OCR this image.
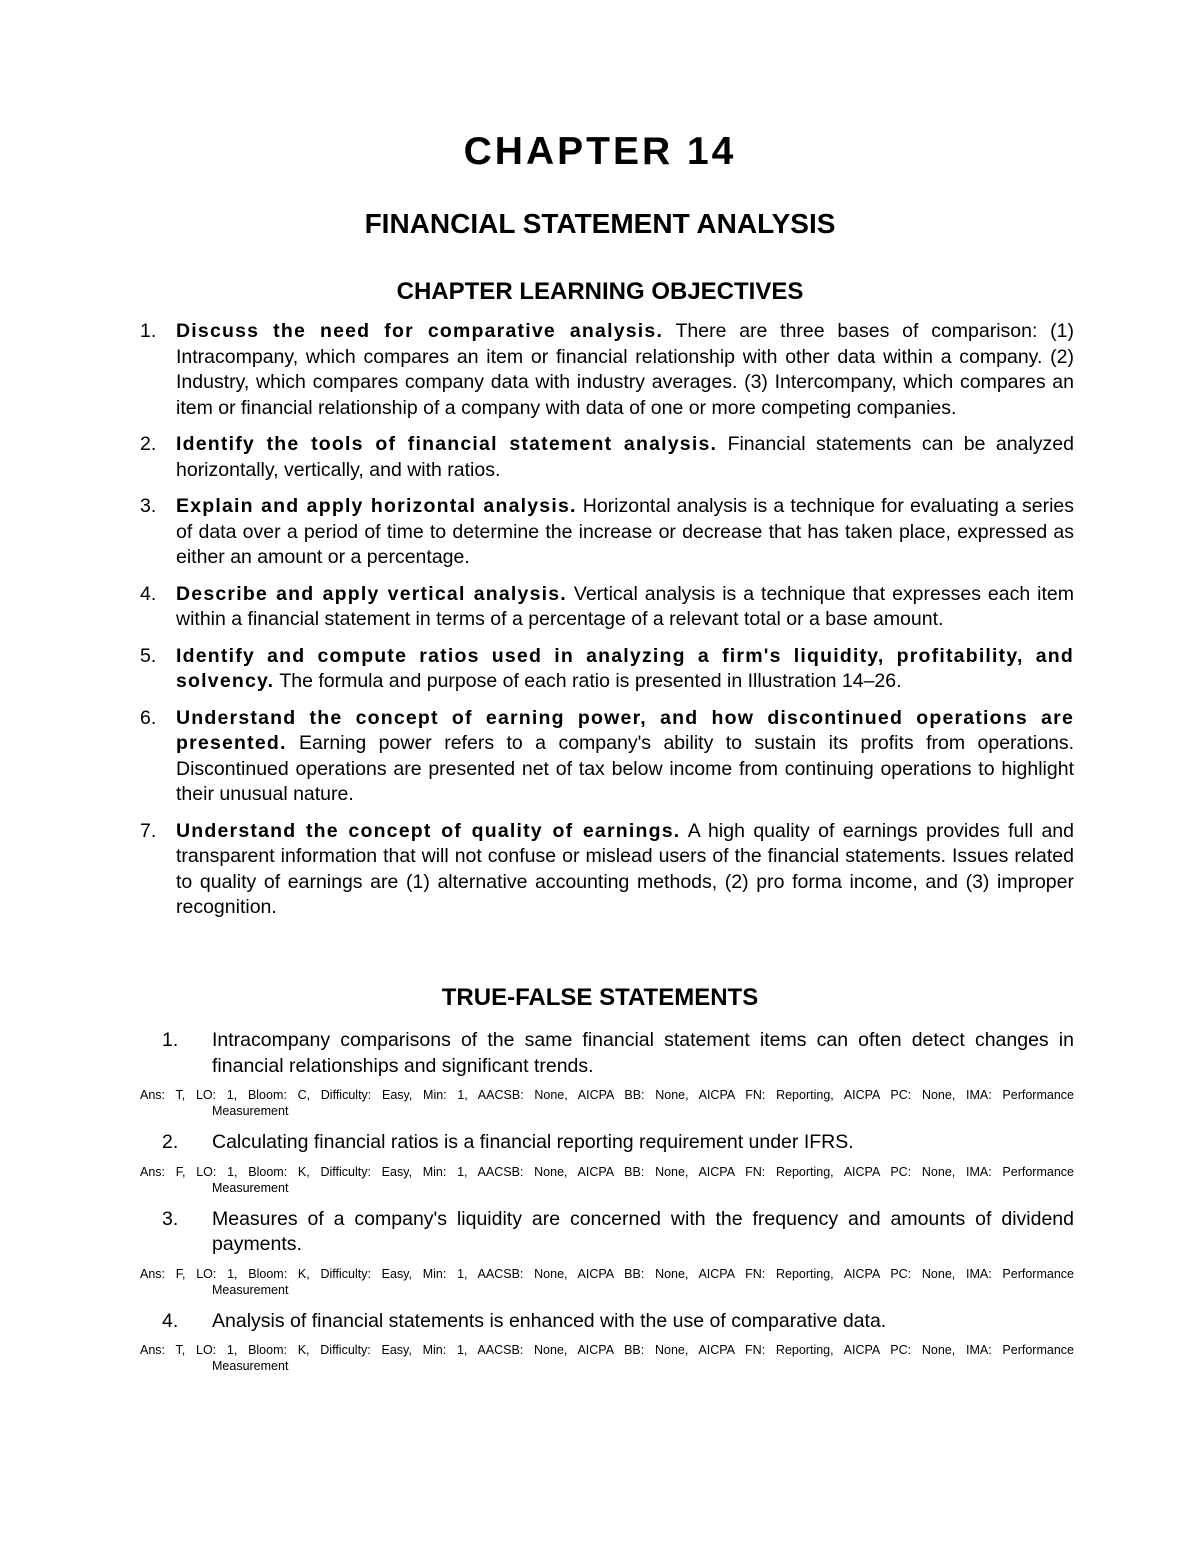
CHAPTER 14
FINANCIAL STATEMENT ANALYSIS
CHAPTER LEARNING OBJECTIVES
1.	Discuss the need for comparative analysis. There are three bases of comparison: (1) Intracompany, which compares an item or financial relationship with other data within a company. (2) Industry, which compares company data with industry averages. (3) Intercompany, which compares an item or financial relationship of a company with data of one or more competing companies.
2.	Identify the tools of financial statement analysis. Financial statements can be analyzed horizontally, vertically, and with ratios.
3.	Explain and apply horizontal analysis. Horizontal analysis is a technique for evaluating a series of data over a period of time to determine the increase or decrease that has taken place, expressed as either an amount or a percentage.
4.	Describe and apply vertical analysis. Vertical analysis is a technique that expresses each item within a financial statement in terms of a percentage of a relevant total or a base amount.
5.	Identify and compute ratios used in analyzing a firm's liquidity, profitability, and solvency. The formula and purpose of each ratio is presented in Illustration 14–26.
6.	Understand the concept of earning power, and how discontinued operations are presented. Earning power refers to a company's ability to sustain its profits from operations. Discontinued operations are presented net of tax below income from continuing operations to highlight their unusual nature.
7.	Understand the concept of quality of earnings. A high quality of earnings provides full and transparent information that will not confuse or mislead users of the financial statements. Issues related to quality of earnings are (1) alternative accounting methods, (2) pro forma income, and (3) improper recognition.
TRUE-FALSE STATEMENTS
1. Intracompany comparisons of the same financial statement items can often detect changes in financial relationships and significant trends.
Ans: T, LO: 1, Bloom: C, Difficulty: Easy, Min: 1, AACSB: None, AICPA BB: None, AICPA FN: Reporting, AICPA PC: None, IMA: Performance
Measurement
2. Calculating financial ratios is a financial reporting requirement under IFRS.
Ans: F, LO: 1, Bloom: K, Difficulty: Easy, Min: 1, AACSB: None, AICPA BB: None, AICPA FN: Reporting, AICPA PC: None, IMA: Performance
Measurement
3. Measures of a company's liquidity are concerned with the frequency and amounts of dividend payments.
Ans: F, LO: 1, Bloom: K, Difficulty: Easy, Min: 1, AACSB: None, AICPA BB: None, AICPA FN: Reporting, AICPA PC: None, IMA: Performance
Measurement
4. Analysis of financial statements is enhanced with the use of comparative data.
Ans: T, LO: 1, Bloom: K, Difficulty: Easy, Min: 1, AACSB: None, AICPA BB: None, AICPA FN: Reporting, AICPA PC: None, IMA: Performance
Measurement
